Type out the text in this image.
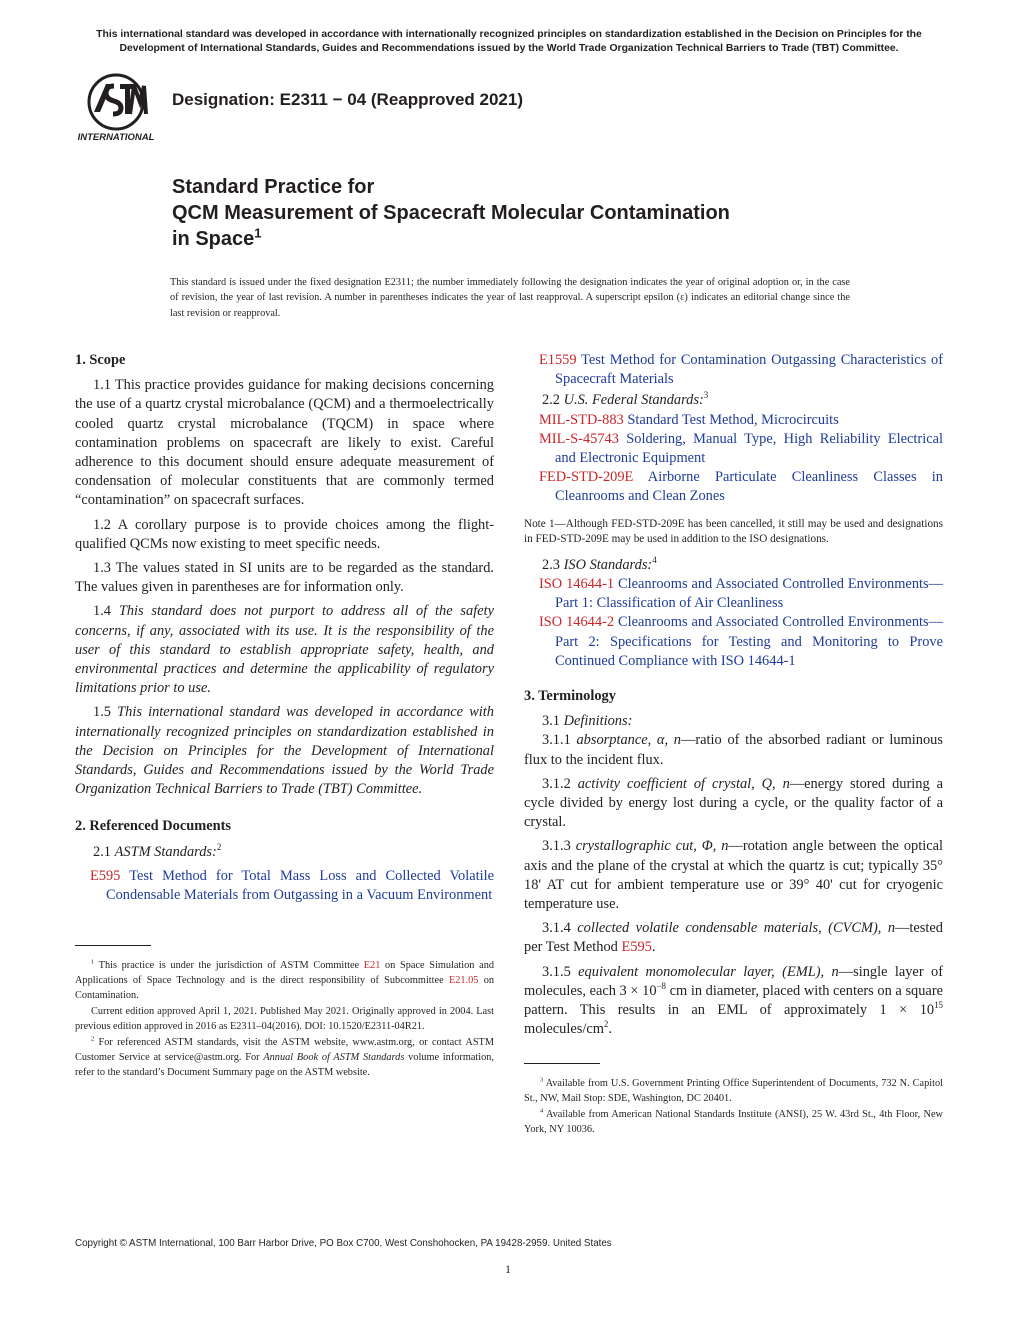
This international standard was developed in accordance with internationally recognized principles on standardization established in the Decision on Principles for the Development of International Standards, Guides and Recommendations issued by the World Trade Organization Technical Barriers to Trade (TBT) Committee.
INTERNATIONAL
Designation: E2311 − 04 (Reapproved 2021)
Standard Practice for
QCM Measurement of Spacecraft Molecular Contamination
in Space$^1$
This standard is issued under the fixed designation E2311; the number immediately following the designation indicates the year of original adoption or, in the case of revision, the year of last revision. A number in parentheses indicates the year of last reapproval. A superscript epsilon (ε) indicates an editorial change since the last revision or reapproval.
1. Scope

1.1 This practice provides guidance for making decisions concerning the use of a quartz crystal microbalance (QCM) and a thermoelectrically cooled quartz crystal microbalance (TQCM) in space where contamination problems on spacecraft are likely to exist. Careful adherence to this document should ensure adequate measurement of condensation of molecular constituents that are commonly termed “contamination” on spacecraft surfaces.

1.2 A corollary purpose is to provide choices among the flight-qualified QCMs now existing to meet specific needs.

1.3 The values stated in SI units are to be regarded as the standard. The values given in parentheses are for information only.

1.4 This standard does not purport to address all of the safety concerns, if any, associated with its use. It is the responsibility of the user of this standard to establish appropriate safety, health, and environmental practices and determine the applicability of regulatory limitations prior to use.

1.5 This international standard was developed in accordance with internationally recognized principles on standardization established in the Decision on Principles for the Development of International Standards, Guides and Recommendations issued by the World Trade Organization Technical Barriers to Trade (TBT) Committee.

2. Referenced Documents

2.1 ASTM Standards:$^2$

E595 Test Method for Total Mass Loss and Collected Volatile Condensable Materials from Outgassing in a Vacuum Environment

$^1$ This practice is under the jurisdiction of ASTM Committee E21 on Space Simulation and Applications of Space Technology and is the direct responsibility of Subcommittee E21.05 on Contamination.

Current edition approved April 1, 2021. Published May 2021. Originally approved in 2004. Last previous edition approved in 2016 as E2311–04(2016). DOI: 10.1520/E2311-04R21.

$^2$ For referenced ASTM standards, visit the ASTM website, www.astm.org, or contact ASTM Customer Service at service@astm.org. For Annual Book of ASTM Standards volume information, refer to the standard’s Document Summary page on the ASTM website.

E1559 Test Method for Contamination Outgassing Characteristics of Spacecraft Materials

2.2 U.S. Federal Standards:$^3$

MIL-STD-883 Standard Test Method, Microcircuits

MIL-S-45743 Soldering, Manual Type, High Reliability Electrical and Electronic Equipment

FED-STD-209E Airborne Particulate Cleanliness Classes in Cleanrooms and Clean Zones

Note 1—Although FED-STD-209E has been cancelled, it still may be used and designations in FED-STD-209E may be used in addition to the ISO designations.

2.3 ISO Standards:$^4$

ISO 14644-1 Cleanrooms and Associated Controlled Environments—Part 1: Classification of Air Cleanliness

ISO 14644-2 Cleanrooms and Associated Controlled Environments—Part 2: Specifications for Testing and Monitoring to Prove Continued Compliance with ISO 14644-1

3. Terminology

3.1 Definitions:

3.1.1 absorptance, α, n—ratio of the absorbed radiant or luminous flux to the incident flux.

3.1.2 activity coefficient of crystal, Q, n—energy stored during a cycle divided by energy lost during a cycle, or the quality factor of a crystal.

3.1.3 crystallographic cut, Φ, n—rotation angle between the optical axis and the plane of the crystal at which the quartz is cut; typically 35° 18' AT cut for ambient temperature use or 39° 40' cut for cryogenic temperature use.

3.1.4 collected volatile condensable materials, (CVCM), n—tested per Test Method E595.

3.1.5 equivalent monomolecular layer, (EML), n—single layer of molecules, each $3 \times 10^{-8}$ cm in diameter, placed with centers on a square pattern. This results in an EML of approximately $1 \times 10^{15}$ molecules/$cm^2$.

$^3$ Available from U.S. Government Printing Office Superintendent of Documents, 732 N. Capitol St., NW, Mail Stop: SDE, Washington, DC 20401.

$^4$ Available from American National Standards Institute (ANSI), 25 W. 43rd St., 4th Floor, New York, NY 10036.

Copyright © ASTM International, 100 Barr Harbor Drive, PO Box C700, West Conshohocken, PA 19428-2959. United States
1
